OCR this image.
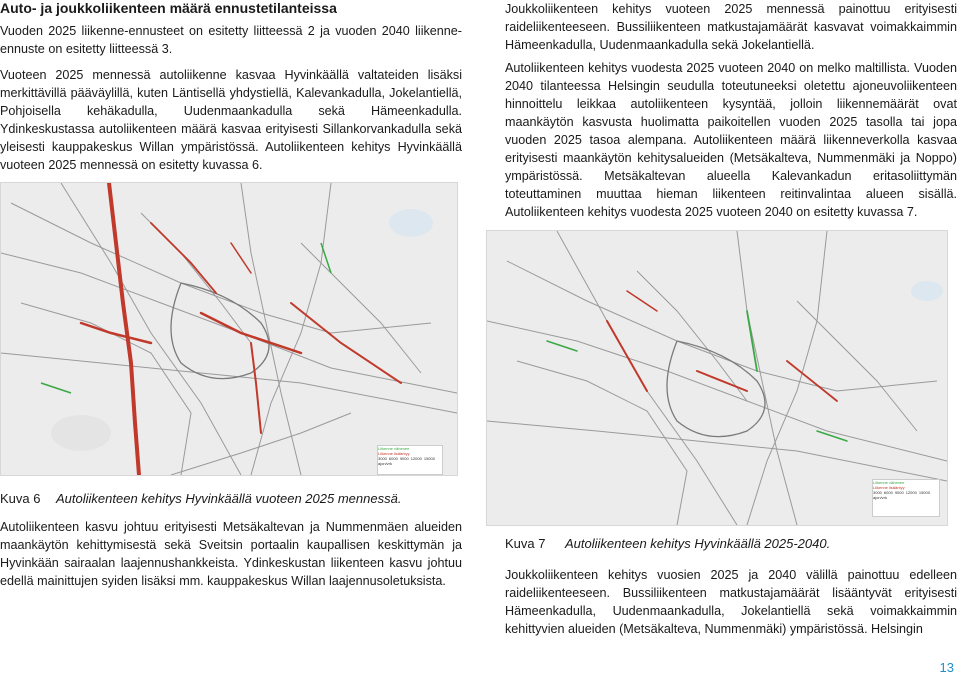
Auto- ja joukkoliikenteen määrä ennustetilanteissa

Vuoden 2025 liikenne-ennusteet on esitetty liitteessä 2 ja vuoden 2040 liikenne-ennuste on esitetty liitteessä 3.

Vuoteen 2025 mennessä autoliikenne kasvaa Hyvinkäällä valtateiden lisäksi merkittävillä pääväylillä, kuten Läntisellä yhdystiellä, Kalevankadulla, Jokelantiellä, Pohjoisella kehäkadulla, Uudenmaankadulla sekä Hämeenkadulla. Ydinkeskustassa autoliikenteen määrä kasvaa erityisesti Sillankorvankadulla sekä yleisesti kauppakeskus Willan ympäristössä. Autoliikenteen kehitys Hyvinkäällä vuoteen 2025 mennessä on esitetty kuvassa 6.

Liikenne vähenee
Liikenne lisääntyy
3000 6000 9000 12000 15000
ajon/vrk
Kuva 6 Autoliikenteen kehitys Hyvinkäällä vuoteen 2025 mennessä.

Autoliikenteen kasvu johtuu erityisesti Metsäkaltevan ja Nummenmäen alueiden maankäytön kehittymisestä sekä Sveitsin portaalin kaupallisen keskittymän ja Hyvinkään sairaalan laajennushankkeista. Ydinkeskustan liikenteen kasvu johtuu edellä mainittujen syiden lisäksi mm. kauppakeskus Willan laajennusoletuksista.

Joukkoliikenteen kehitys vuoteen 2025 mennessä painottuu erityisesti raideliikenteeseen. Bussiliikenteen matkustajamäärät kasvavat voimakkaimmin Hämeenkadulla, Uudenmaankadulla sekä Jokelantiellä.

Autoliikenteen kehitys vuodesta 2025 vuoteen 2040 on melko maltillista. Vuoden 2040 tilanteessa Helsingin seudulla toteutuneeksi oletettu ajoneuvoliikenteen hinnoittelu leikkaa autoliikenteen kysyntää, jolloin liikennemäärät ovat maankäytön kasvusta huolimatta paikoitellen vuoden 2025 tasolla tai jopa vuoden 2025 tasoa alempana. Autoliikenteen määrä liikenneverkolla kasvaa erityisesti maankäytön kehitysalueiden (Metsäkalteva, Nummenmäki ja Noppo) ympäristössä. Metsäkaltevan alueella Kalevankadun eritasoliittymän toteuttaminen muuttaa hieman liikenteen reitinvalintaa alueen sisällä. Autoliikenteen kehitys vuodesta 2025 vuoteen 2040 on esitetty kuvassa 7.

Liikenne vähenee
Liikenne lisääntyy
3000 6000 9000 12000 15000
ajon/vrk
Kuva 7 Autoliikenteen kehitys Hyvinkäällä 2025-2040.

Joukkoliikenteen kehitys vuosien 2025 ja 2040 välillä painottuu edelleen raideliikenteeseen. Bussiliikenteen matkustajamäärät lisääntyvät erityisesti Hämeenkadulla, Uudenmaankadulla, Jokelantiellä sekä voimakkaimmin kehittyvien alueiden (Metsäkalteva, Nummenmäki) ympäristössä. Helsingin

13
